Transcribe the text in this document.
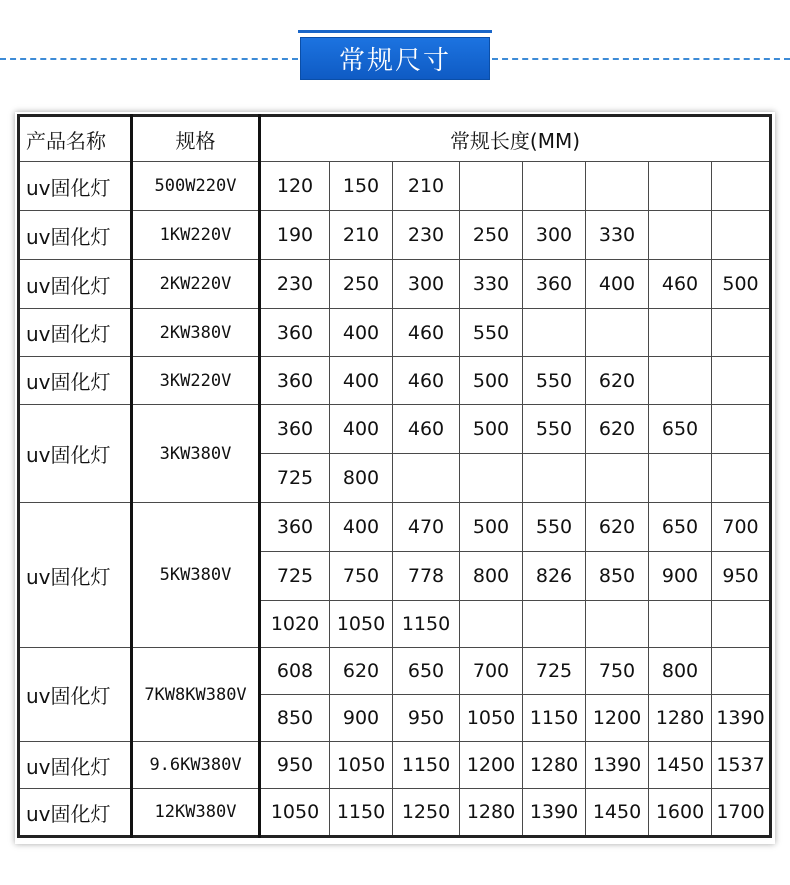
常规尺寸
产品名称	规格	常规长度(MM)							
uv固化灯	500W220V	120	150	210					
uv固化灯	1KW220V	190	210	230	250	300	330		
uv固化灯	2KW220V	230	250	300	330	360	400	460	500
uv固化灯	2KW380V	360	400	460	550				
uv固化灯	3KW220V	360	400	460	500	550	620		
uv固化灯	3KW380V	360	400	460	500	550	620	650	
		725	800						
uv固化灯	5KW380V	360	400	470	500	550	620	650	700
		725	750	778	800	826	850	900	950
		1020	1050	1150					
uv固化灯	7KW8KW380V	608	620	650	700	725	750	800	
		850	900	950	1050	1150	1200	1280	1390
uv固化灯	9.6KW380V	950	1050	1150	1200	1280	1390	1450	1537
uv固化灯	12KW380V	1050	1150	1250	1280	1390	1450	1600	1700
